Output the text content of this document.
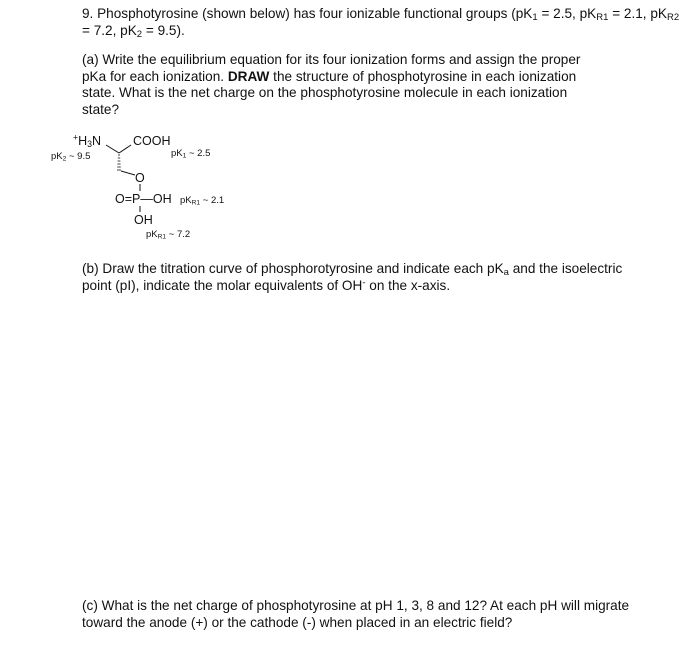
9. Phosphotyrosine (shown below) has four ionizable functional groups ($pK_1 = 2.5$, $pK_{R1} = 2.1$, $pK_{R2} = 7.2$, $pK_2 = 9.5$).
(a) Write the equilibrium equation for its four ionization forms and assign the proper pKa for each ionization. DRAW the structure of phosphotyrosine in each ionization state. What is the net charge on the phosphotyrosine molecule in each ionization state?
$^+H_3N$	COOH
$pK_2$ ~ 9.5	$pK_1$ ~ 2.5
O
O=P—OH $pK_{R1}$ ~ 2.1
OH
$pK_{R1}$ ~ 7.2
(b) Draw the titration curve of phosphorotyrosine and indicate each $pK_a$ and the isoelectric point (pI), indicate the molar equivalents of OH- on the x-axis.
(c) What is the net charge of phosphotyrosine at pH 1, 3, 8 and 12? At each pH will migrate toward the anode (+) or the cathode (-) when placed in an electric field?
